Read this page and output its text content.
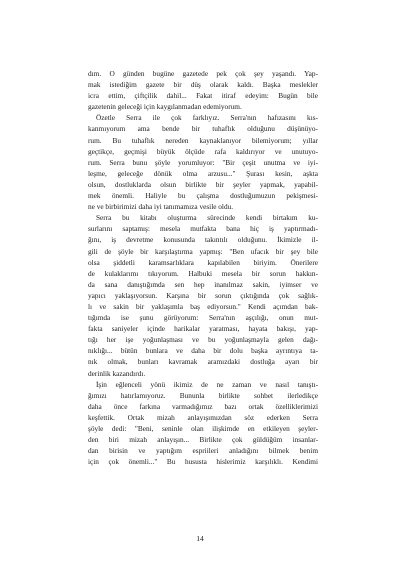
dım. O günden bugüne gazetede pek çok şey yaşandı. Yap-
mak istediğim gazete bir düş olarak kaldı. Başka meslekler
icra ettim, çiftçilik dahil... Fakat itiraf edeyim: Bugün bile
gazetenin geleceği için kaygılanmadan edemiyorum.
Özetle Serra ile çok farklıyız. Serra'nın hafızasını kıs-
kanmıyorum ama bende bir tuhaflık olduğunu düşünüyo-
rum. Bu tuhaflık nereden kaynaklanıyor bilemiyorum; yıllar
geçtikçe, geçmişi büyük ölçüde rafa kaldırıyor ve unutuyo-
rum. Serra bunu şöyle yorumluyor: "Bir çeşit unutma ve iyi-
leşme, geleceğe dönük olma arzusu..." Şurası kesin, aşkta
olsun, dostluklarda olsun birlikte bir şeyler yapmak, yapabil-
mek önemli. Haliyle bu çalışma dostluğumuzun pekişmesi-
ne ve birbirimizi daha iyi tanımamıza vesile oldu.
Serra bu kitabı oluşturma sürecinde kendi birtakım ku-
surlarını saptamış: mesela mutfakta bana hiç iş yaptırmadı-
ğını, iş devretme konusunda takıntılı olduğunu. İkimizle il-
gili de şöyle bir karşılaştırma yapmış: "Ben ufacık bir şey bile
olsa şiddetli karamsarlıklara kapılabilen biriyim. Önerilere
de kulaklarımı tıkıyorum. Halbuki mesela bir sorun hakkın-
da sana danıştığımda sen hep inanılmaz sakin, iyimser ve
yapıcı yaklaşıyorsun. Karşına bir sorun çıktığında çok sağlık-
lı ve sakin bir yaklaşımla baş ediyorsun." Kendi açımdan bak-
tığımda ise şunu görüyorum: Serra'nın aşçılığı, onun mut-
fakta saniyeler içinde harikalar yaratması, hayata bakışı, yap-
tığı her işe yoğunlaşması ve bu yoğunlaşmayla gelen dağı-
nıklığı... bütün bunlara ve daha bir dolu başka ayrıntıya ta-
nık olmak, bunları kavramak aramızdaki dostluğa ayarı bir
derinlik kazandırdı.
İşin eğlenceli yönü ikimiz de ne zaman ve nasıl tanıştı-
ğımızı hatırlamıyoruz. Bununla birlikte sohbet ilerledikçe
daha önce farkına varmadığımız bazı ortak özelliklerimizi
keşfettik. Ortak mizah anlayışımızdan söz ederken Serra
şöyle dedi: "Beni, seninle olan ilişkimde en etkileyen şeyler-
den biri mizah anlayışın... Birlikte çok güldüğüm insanlar-
dan birisin ve yaptığım espriileri anladığını bilmek benim
için çok önemli..." Bu hususta hislerimiz karşılıklı. Kendimi
14
